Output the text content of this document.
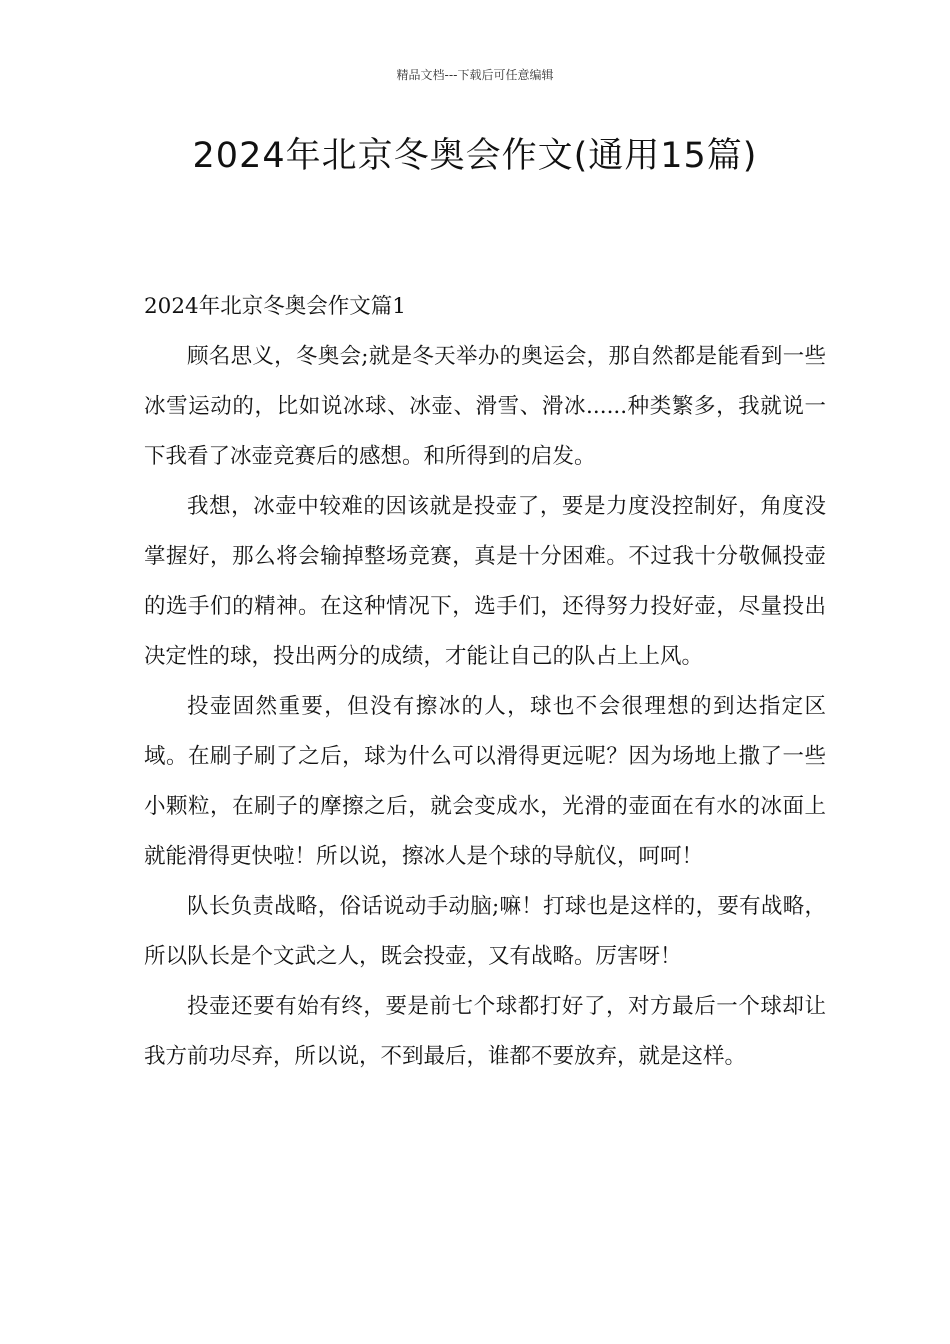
精品文档---下载后可任意编辑
2024年北京冬奥会作文(通用15篇)

2024年北京冬奥会作文篇1

顾名思义，冬奥会;就是冬天举办的奥运会，那自然都是能看到一些冰雪运动的，比如说冰球、冰壶、滑雪、滑冰......种类繁多，我就说一下我看了冰壶竞赛后的感想。和所得到的启发。

我想，冰壶中较难的因该就是投壶了，要是力度没控制好，角度没掌握好，那么将会输掉整场竞赛，真是十分困难。不过我十分敬佩投壶的选手们的精神。在这种情况下，选手们，还得努力投好壶，尽量投出决定性的球，投出两分的成绩，才能让自己的队占上上风。

投壶固然重要，但没有擦冰的人，球也不会很理想的到达指定区域。在刷子刷了之后，球为什么可以滑得更远呢？因为场地上撒了一些小颗粒，在刷子的摩擦之后，就会变成水，光滑的壶面在有水的冰面上就能滑得更快啦！所以说，擦冰人是个球的导航仪，呵呵！

队长负责战略，俗话说动手动脑;嘛！打球也是这样的，要有战略，所以队长是个文武之人，既会投壶，又有战略。厉害呀！

投壶还要有始有终，要是前七个球都打好了，对方最后一个球却让我方前功尽弃，所以说，不到最后，谁都不要放弃，就是这样。
